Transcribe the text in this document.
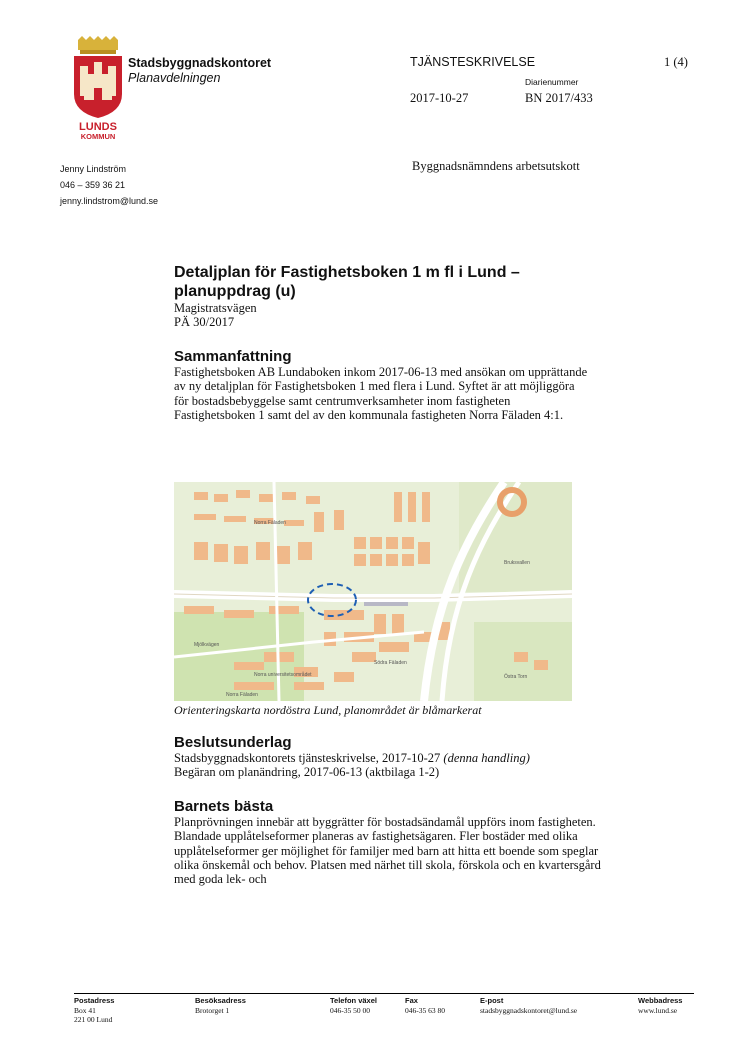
LUNDS
KOMMUN
Stadsbyggnadskontoret
Planavdelningen
TJÄNSTESKRIVELSE	1 (4)
Diarienummer
2017-10-27	BN 2017/433
Jenny Lindström
046 – 359 36 21
jenny.lindstrom@lund.se
Byggnadsnämndens arbetsutskott
Detaljplan för Fastighetsboken 1 m fl i Lund – planuppdrag (u)
Magistratsvägen
PÄ 30/2017
Sammanfattning

Fastighetsboken AB Lundaboken inkom 2017-06-13 med ansökan om upprättande av ny detaljplan för Fastighetsboken 1 med flera i Lund. Syftet är att möjliggöra för bostadsbebyggelse samt centrumverksamheter inom fastigheten Fastighetsboken 1 samt del av den kommunala fastigheten Norra Fäladen 4:1.

Norra Fäladen
Bruksvallen
Mjölkvägen
Norra universitetsområdet
Södra Fäladen
Norra Fäladen
Östra Torn
Orienteringskarta nordöstra Lund, planområdet är blåmarkerat
Beslutsunderlag

Stadsbyggnadskontorets tjänsteskrivelse, 2017-10-27 (denna handling)

Begäran om planändring, 2017-06-13 (aktbilaga 1-2)

Barnets bästa

Planprövningen innebär att byggrätter för bostadsändamål uppförs inom fastigheten. Blandade upplåtelseformer planeras av fastighetsägaren. Fler bostäder med olika upplåtelseformer ger möjlighet för familjer med barn att hitta ett boende som speglar olika önskemål och behov. Platsen med närhet till skola, förskola och en kvartersgård med goda lek- och

Postadress
Box 41
221 00 Lund
Besöksadress
Brotorget 1
Telefon växel
046-35 50 00
Fax
046-35 63 80
E-post
stadsbyggnadskontoret@lund.se
Webbadress
www.lund.se
